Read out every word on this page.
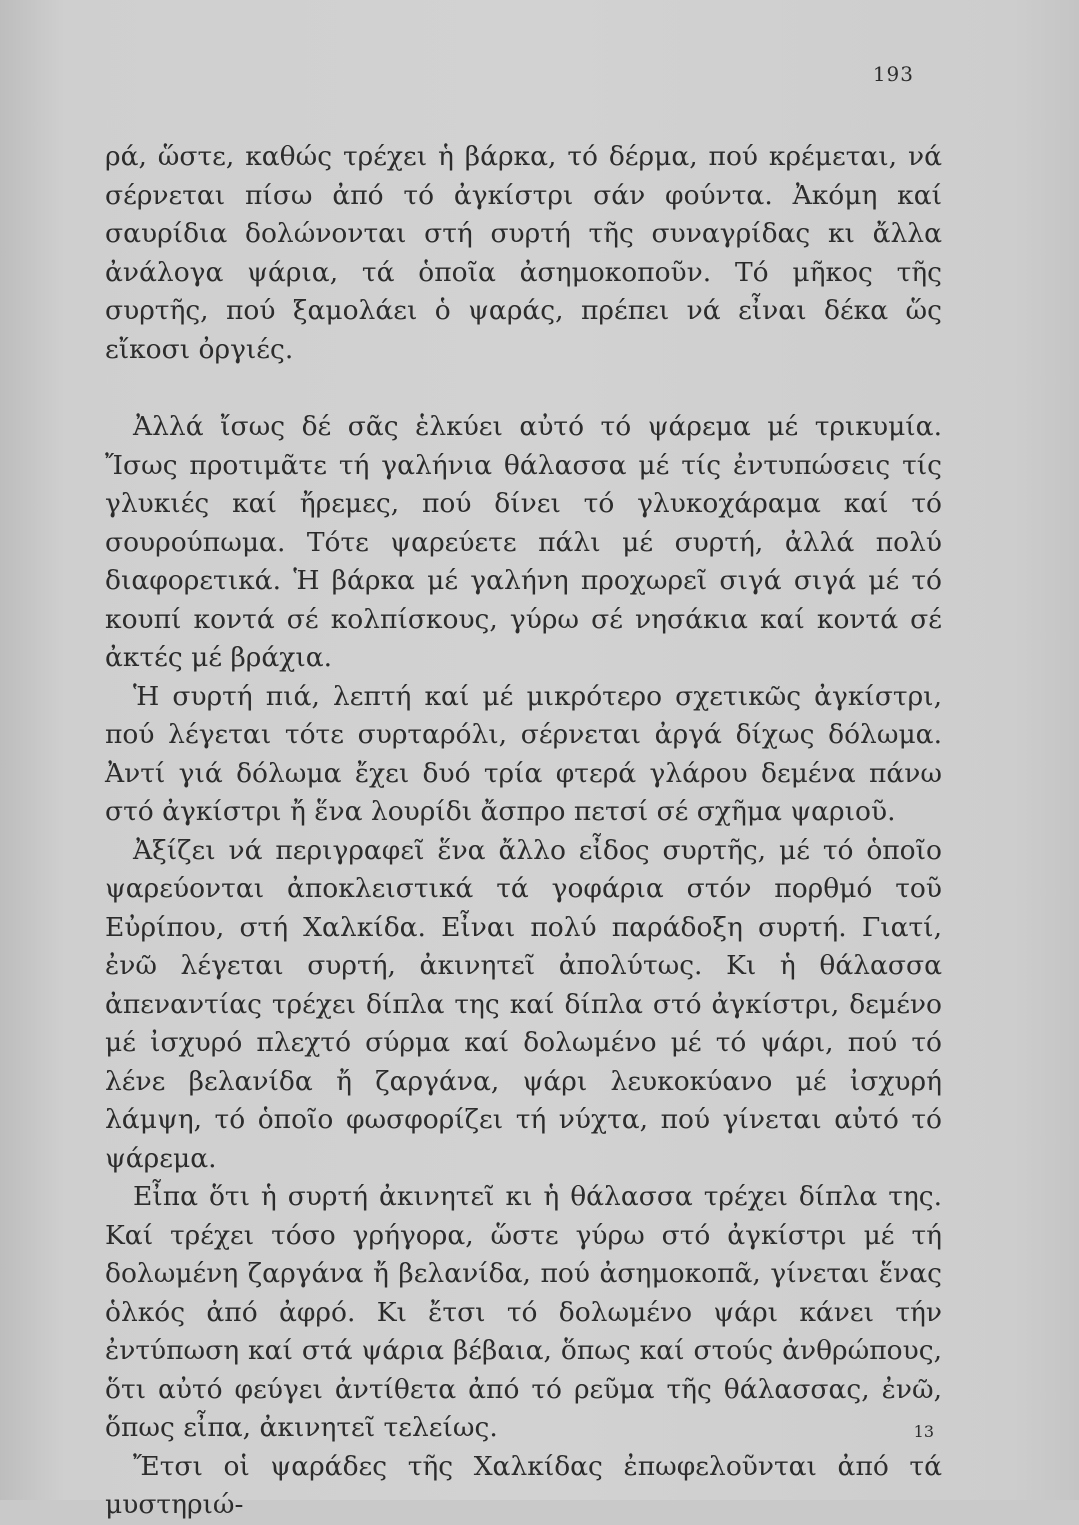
193

ρά, ὥστε, καθώς τρέχει ἡ βάρκα, τό δέρμα, πού κρέμεται, νά σέρνεται πίσω ἀπό τό ἀγκίστρι σάν φούντα. Ἀκόμη καί σαυρίδια δολώνονται στή συρτή τῆς συναγρίδας κι ἄλλα ἀνάλογα ψάρια, τά ὁποῖα ἀσημοκοποῦν. Τό μῆκος τῆς συρτῆς, πού ξαμολάει ὁ ψαράς, πρέπει νά εἶναι δέκα ὥς εἴκοσι ὀργιές.

Ἀλλά ἴσως δέ σᾶς ἑλκύει αὐτό τό ψάρεμα μέ τρικυμία. Ἴσως προτιμᾶτε τή γαλήνια θάλασσα μέ τίς ἐντυπώσεις τίς γλυκιές καί ἤρεμες, πού δίνει τό γλυκοχάραμα καί τό σουρούπωμα. Τότε ψαρεύετε πάλι μέ συρτή, ἀλλά πολύ διαφορετικά. Ἡ βάρκα μέ γαλήνη προχωρεῖ σιγά σιγά μέ τό κουπί κοντά σέ κολπίσκους, γύρω σέ νησάκια καί κοντά σέ ἀκτές μέ βράχια.

Ἡ συρτή πιά, λεπτή καί μέ μικρότερο σχετικῶς ἀγκίστρι, πού λέγεται τότε συρταρόλι, σέρνεται ἀργά δίχως δόλωμα. Ἀντί γιά δόλωμα ἔχει δυό τρία φτερά γλάρου δεμένα πάνω στό ἀγκίστρι ἤ ἕνα λουρίδι ἄσπρο πετσί σέ σχῆμα ψαριοῦ.

Ἀξίζει νά περιγραφεῖ ἕνα ἄλλο εἶδος συρτῆς, μέ τό ὁποῖο ψαρεύονται ἀποκλειστικά τά γοφάρια στόν πορθμό τοῦ Εὐρίπου, στή Χαλκίδα. Εἶναι πολύ παράδοξη συρτή. Γιατί, ἐνῶ λέγεται συρτή, ἀκινητεῖ ἀπολύτως. Κι ἡ θάλασσα ἀπεναντίας τρέχει δίπλα της καί δίπλα στό ἀγκίστρι, δεμένο μέ ἰσχυρό πλεχτό σύρμα καί δολωμένο μέ τό ψάρι, πού τό λένε βελανίδα ἤ ζαργάνα, ψάρι λευκοκύανο μέ ἰσχυρή λάμψη, τό ὁποῖο φωσφορίζει τή νύχτα, πού γίνεται αὐτό τό ψάρεμα.

Εἶπα ὅτι ἡ συρτή ἀκινητεῖ κι ἡ θάλασσα τρέχει δίπλα της. Καί τρέχει τόσο γρήγορα, ὥστε γύρω στό ἀγκίστρι μέ τή δολωμένη ζαργάνα ἤ βελανίδα, πού ἀσημοκοπᾶ, γίνεται ἕνας ὁλκός ἀπό ἀφρό. Κι ἔτσι τό δολωμένο ψάρι κάνει τήν ἐντύπωση καί στά ψάρια βέβαια, ὅπως καί στούς ἀνθρώπους, ὅτι αὐτό φεύγει ἀντίθετα ἀπό τό ρεῦμα τῆς θάλασσας, ἐνῶ, ὅπως εἶπα, ἀκινητεῖ τελείως.

Ἔτσι οἱ ψαράδες τῆς Χαλκίδας ἐπωφελοῦνται ἀπό τά μυστηριώ-

13
